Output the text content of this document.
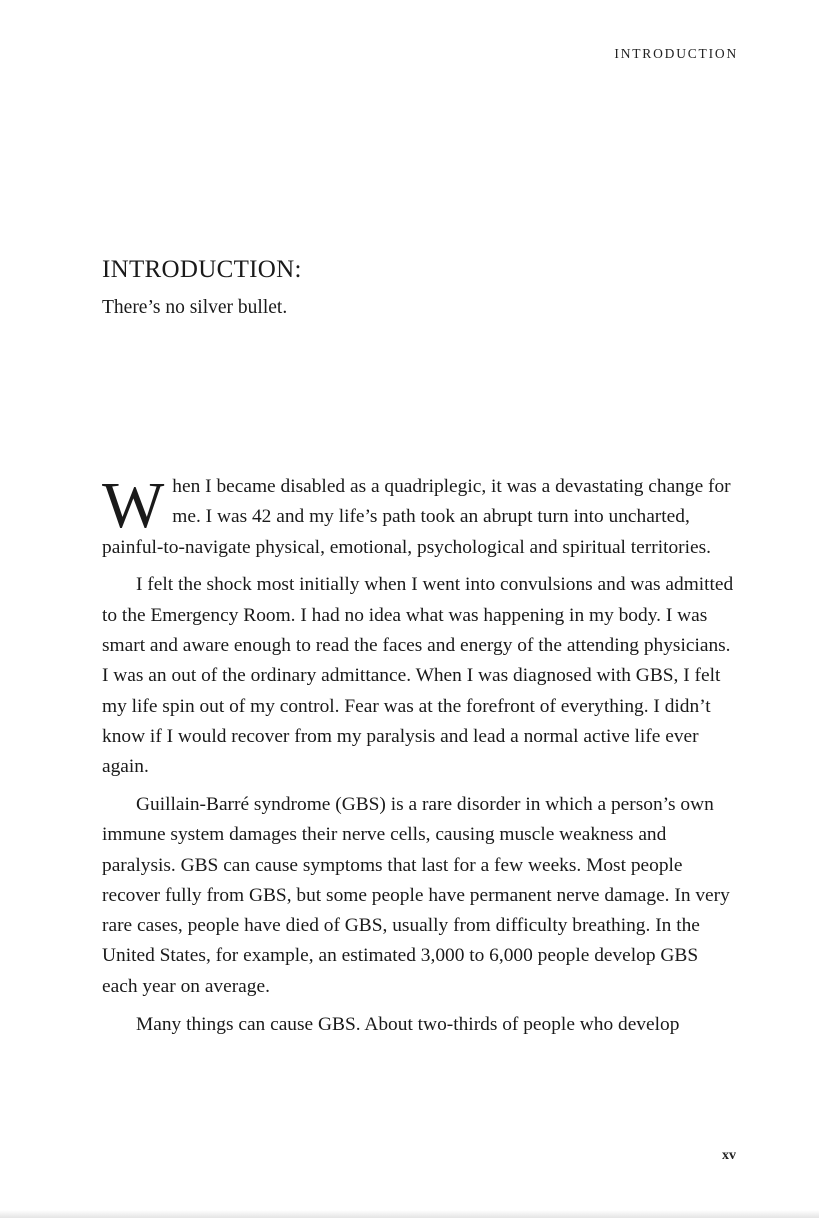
INTRODUCTION
INTRODUCTION:
There’s no silver bullet.

When I became disabled as a quadriplegic, it was a devastating change for me. I was 42 and my life’s path took an abrupt turn into uncharted, painful-to-navigate physical, emotional, psychological and spiritual territories.

I felt the shock most initially when I went into convulsions and was admitted to the Emergency Room. I had no idea what was happening in my body. I was smart and aware enough to read the faces and energy of the attending physicians. I was an out of the ordinary admittance. When I was diagnosed with GBS, I felt my life spin out of my control. Fear was at the forefront of everything. I didn’t know if I would recover from my paralysis and lead a normal active life ever again.

Guillain-Barré syndrome (GBS) is a rare disorder in which a person’s own immune system damages their nerve cells, causing muscle weakness and paralysis. GBS can cause symptoms that last for a few weeks. Most people recover fully from GBS, but some people have permanent nerve damage. In very rare cases, people have died of GBS, usually from difficulty breathing. In the United States, for example, an estimated 3,000 to 6,000 people develop GBS each year on average.

Many things can cause GBS. About two-thirds of people who develop

xv
